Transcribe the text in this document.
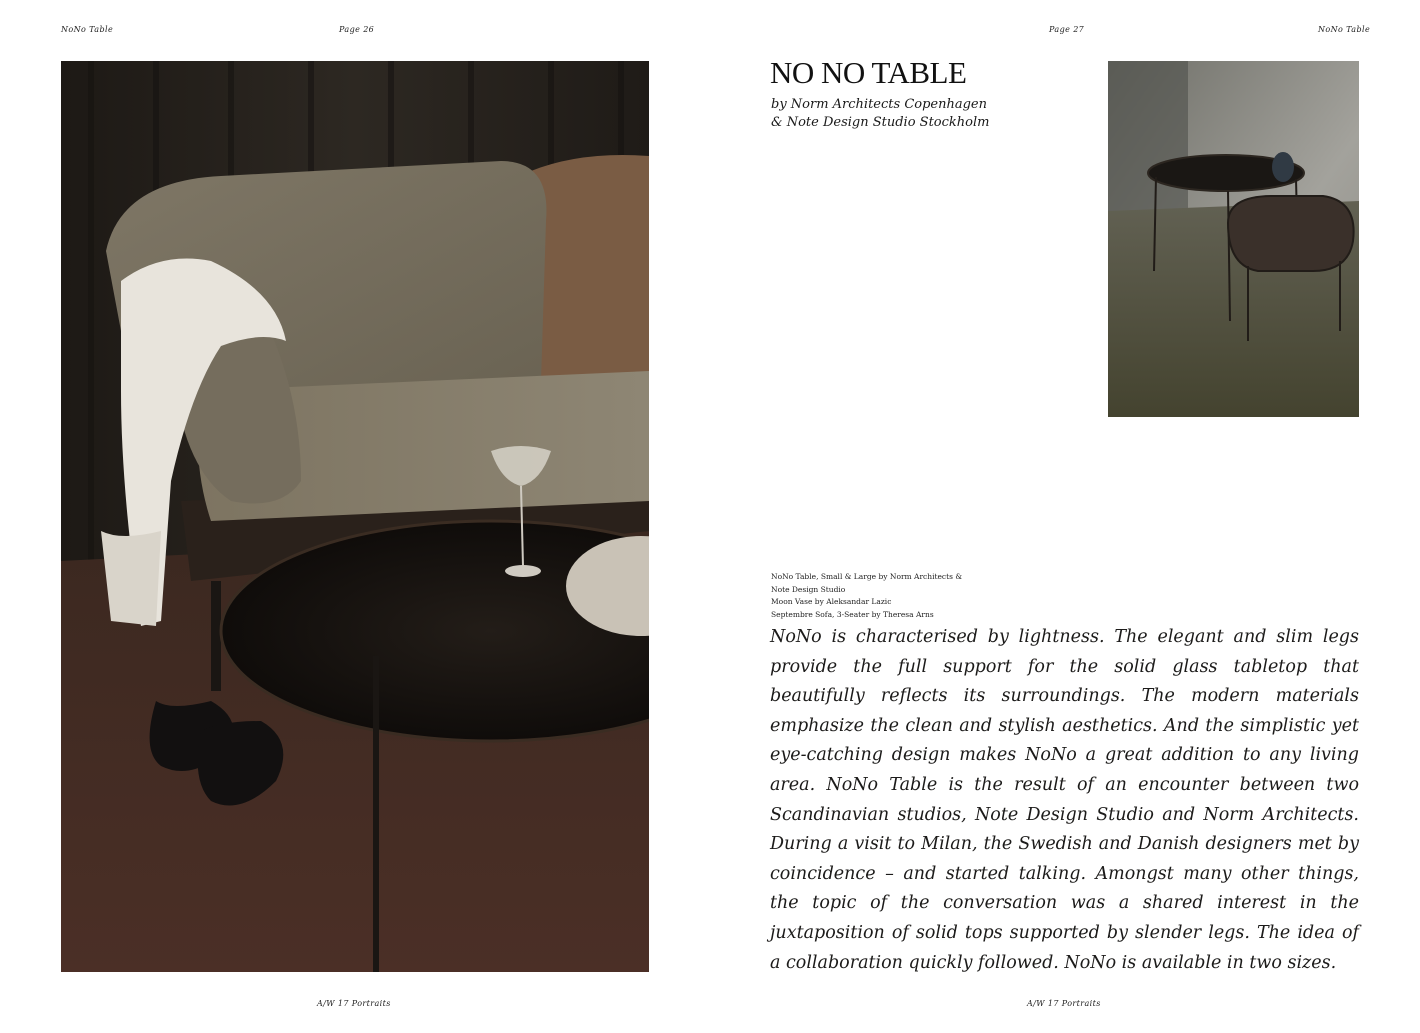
NoNo Table	Page 26	Page 27	NoNo Table
NO NO TABLE
by Norm Architects Copenhagen
& Note Design Studio Stockholm
NoNo Table, Small & Large by Norm Architects &
Note Design Studio
Moon Vase by Aleksandar Lazic
Septembre Sofa, 3-Seater by Theresa Arns

NoNo is characterised by lightness. The elegant and slim legs provide the full support for the solid glass tabletop that beautifully reflects its surroundings. The modern materials emphasize the clean and stylish aesthetics. And the simplistic yet eye-catching design makes NoNo a great addition to any living area. NoNo Table is the result of an encounter between two Scandinavian studios, Note Design Studio and Norm Architects. During a visit to Milan, the Swedish and Danish designers met by coincidence – and started talking. Amongst many other things, the topic of the conversation was a shared interest in the juxtaposition of solid tops supported by slender legs. The idea of a collaboration quickly followed. NoNo is available in two sizes.

A/W 17 Portraits	A/W 17 Portraits
